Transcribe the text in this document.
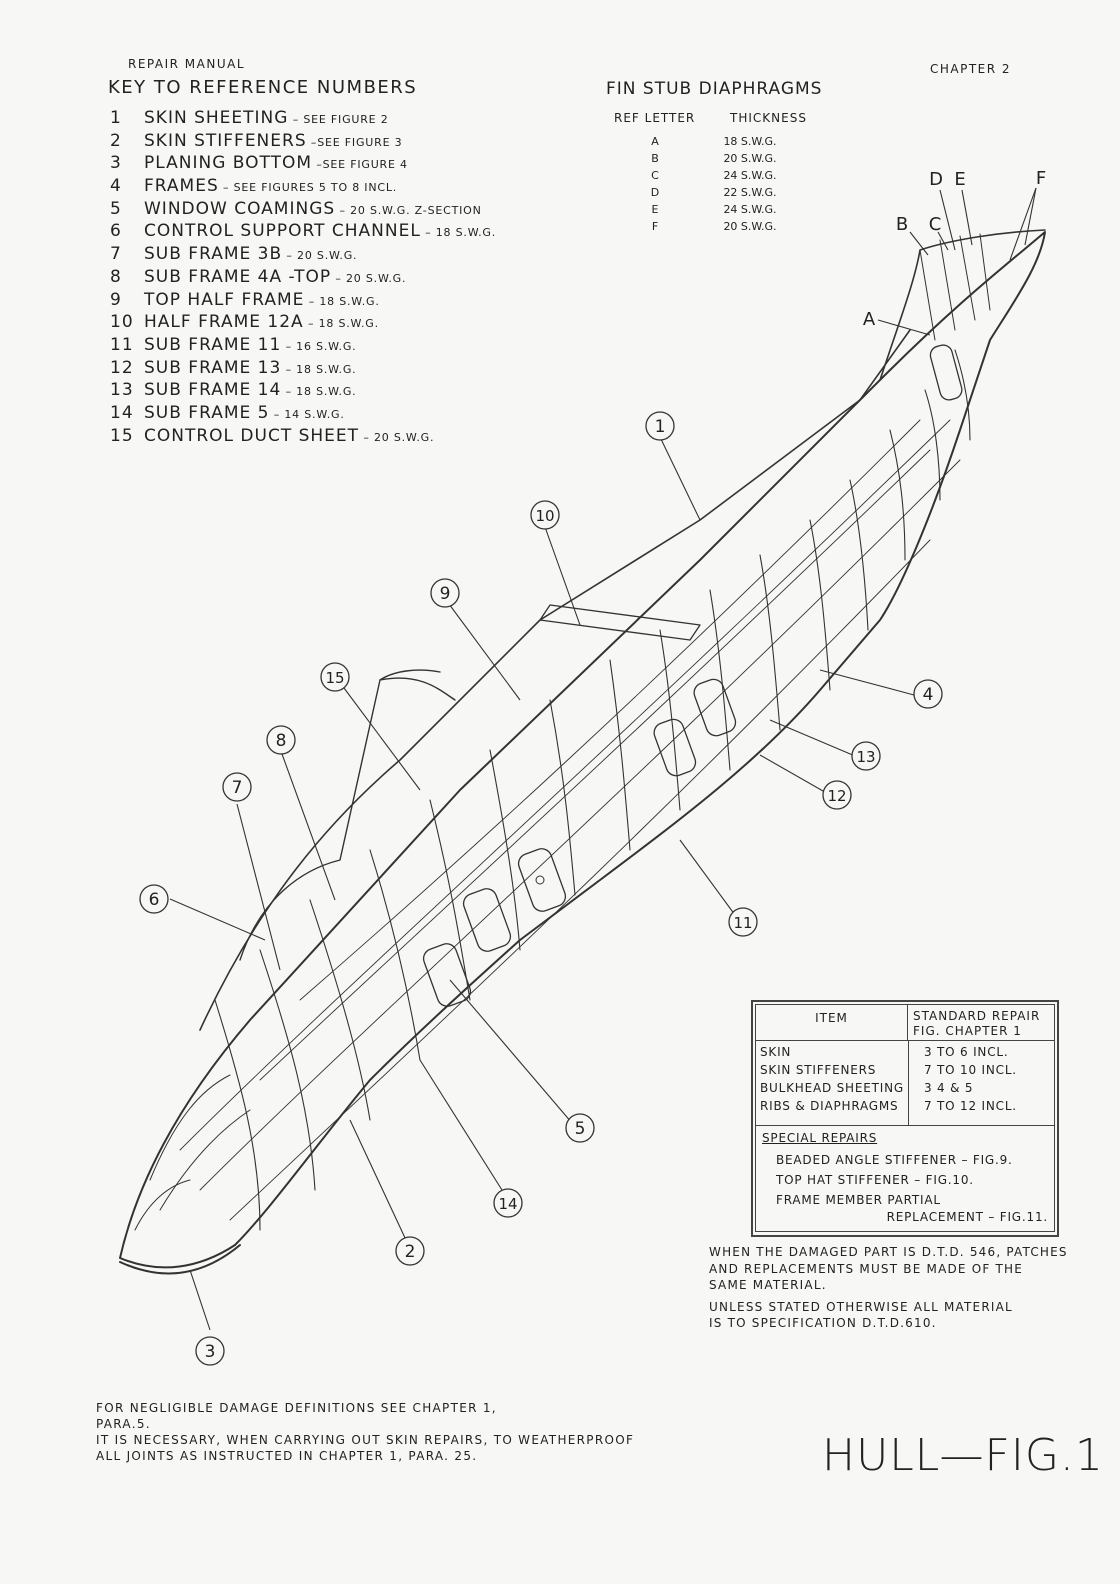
REPAIR MANUAL	CHAPTER 2
KEY TO REFERENCE NUMBERS
1 SKIN SHEETING – SEE FIGURE 2
2 SKIN STIFFENERS –SEE FIGURE 3
3 PLANING BOTTOM –SEE FIGURE 4
4 FRAMES – SEE FIGURES 5 TO 8 INCL.
5 WINDOW COAMINGS – 20 S.W.G. Z-SECTION
6 CONTROL SUPPORT CHANNEL – 18 S.W.G.
7 SUB FRAME 3B – 20 S.W.G.
8 SUB FRAME 4A -TOP – 20 S.W.G.
9 TOP HALF FRAME – 18 S.W.G.
10 HALF FRAME 12A – 18 S.W.G.
11 SUB FRAME 11 – 16 S.W.G.
12 SUB FRAME 13 – 18 S.W.G.
13 SUB FRAME 14 – 18 S.W.G.
14 SUB FRAME 5 – 14 S.W.G.
15 CONTROL DUCT SHEET – 20 S.W.G.
FIN STUB DIAPHRAGMS
REF LETTER	THICKNESS
A	18 S.W.G.
B	20 S.W.G.
C	24 S.W.G.
D	22 S.W.G.
E	24 S.W.G.
F	20 S.W.G.
1
10
9
15
8
7
6
4
13
12
11
5
14
2
3
A
B C
D E	F
ITEM	STANDARD REPAIR
FIG. CHAPTER 1
SKIN	3 TO 6 INCL.
SKIN STIFFENERS	7 TO 10 INCL.
BULKHEAD SHEETING 3 4 & 5
RIBS & DIAPHRAGMS 7 TO 12 INCL.
SPECIAL REPAIRS
BEADED ANGLE STIFFENER – FIG.9.
TOP HAT STIFFENER – FIG.10.
FRAME MEMBER PARTIAL
REPLACEMENT – FIG.11.
WHEN THE DAMAGED PART IS D.T.D. 546, PATCHES
AND REPLACEMENTS MUST BE MADE OF THE
SAME MATERIAL.
UNLESS STATED OTHERWISE ALL MATERIAL
IS TO SPECIFICATION D.T.D.610.
FOR NEGLIGIBLE DAMAGE DEFINITIONS SEE CHAPTER 1,
PARA.5.
IT IS NECESSARY, WHEN CARRYING OUT SKIN REPAIRS, TO WEATHERPROOF
ALL JOINTS AS INSTRUCTED IN CHAPTER 1, PARA. 25.	HULL—FIG.1
